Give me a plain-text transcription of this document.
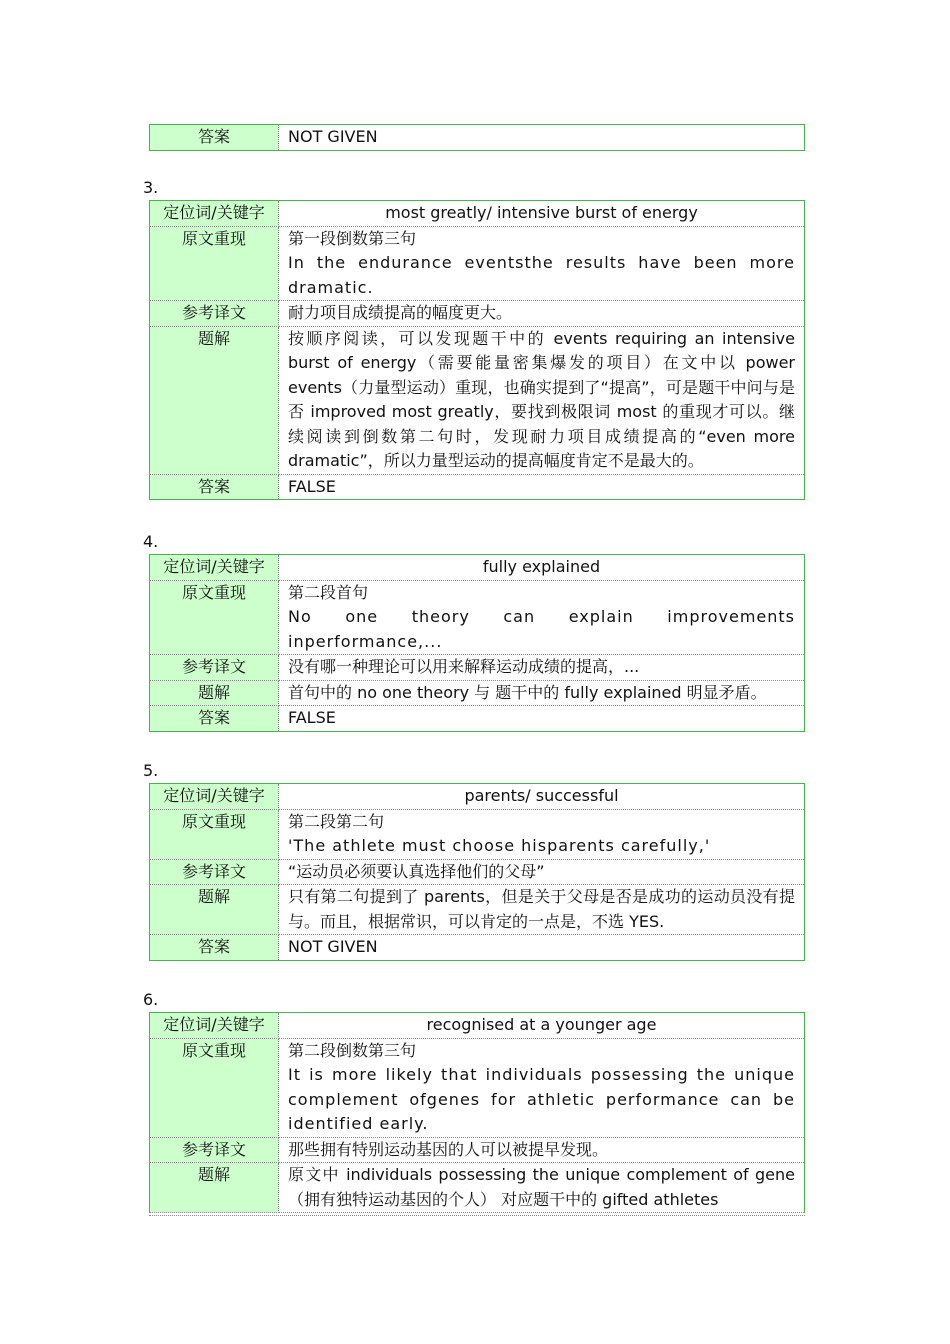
答案	NOT GIVEN
3.
定位词/关键字	most greatly/ intensive burst of energy
原文重现	第一段倒数第三句
In the endurance eventsthe results have been more dramatic.

参考译文	耐力项目成绩提高的幅度更大。
题解	按顺序阅读，可以发现题干中的 events requiring an intensive burst of energy（需要能量密集爆发的项目）在文中以 power events（力量型运动）重现，也确实提到了“提高”，可是题干中问与是否 improved most greatly，要找到极限词 most 的重现才可以。继续阅读到倒数第二句时，发现耐力项目成绩提高的“even more dramatic”，所以力量型运动的提高幅度肯定不是最大的。
答案	FALSE
4.
定位词/关键字	fully explained
原文重现	第二段首句
No one theory can explain improvements inperformance,...

参考译文	没有哪一种理论可以用来解释运动成绩的提高，...
题解	首句中的 no one theory 与 题干中的 fully explained 明显矛盾。
答案	FALSE
5.
定位词/关键字	parents/ successful
原文重现	第二段第二句
'The athlete must choose hisparents carefully,'

参考译文	“运动员必须要认真选择他们的父母”
题解	只有第二句提到了 parents，但是关于父母是否是成功的运动员没有提与。而且，根据常识，可以肯定的一点是，不选 YES.
答案	NOT GIVEN
6.
定位词/关键字	recognised at a younger age
原文重现	第二段倒数第三句
It is more likely that individuals possessing the unique complement ofgenes for athletic performance can be identified early.

参考译文	那些拥有特别运动基因的人可以被提早发现。
题解	原文中 individuals possessing the unique complement of gene（拥有独特运动基因的个人） 对应题干中的 gifted athletes
